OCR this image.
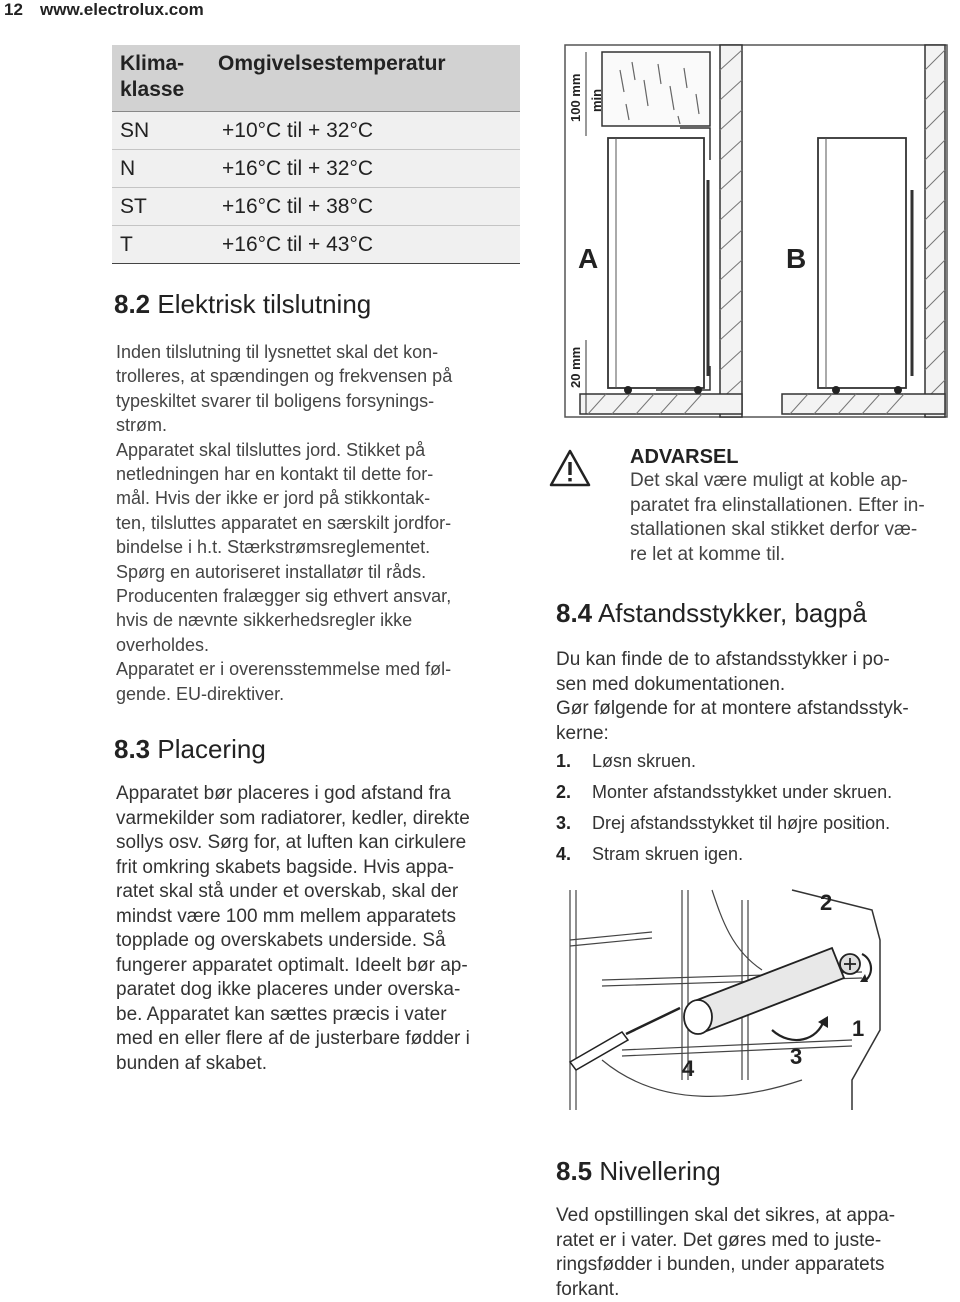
12 www.electrolux.com
Klima-
klasse	Omgivelsestemperatur
SN	+10°C til + 32°C
N	+16°C til + 32°C
ST	+16°C til + 38°C
T	+16°C til + 43°C
8.2 Elektrisk tilslutning

Inden tilslutning til lysnettet skal det kon-

trolleres, at spændingen og frekvensen på

typeskiltet svarer til boligens forsynings-

strøm.

Apparatet skal tilsluttes jord. Stikket på

netledningen har en kontakt til dette for-

mål. Hvis der ikke er jord på stikkontak-

ten, tilsluttes apparatet en særskilt jordfor-

bindelse i h.t. Stærkstrømsreglementet.

Spørg en autoriseret installatør til råds.

Producenten fralægger sig ethvert ansvar,

hvis de nævnte sikkerhedsregler ikke

overholdes.

Apparatet er i overensstemmelse med føl-

gende. EU-direktiver.

8.3 Placering

Apparatet bør placeres i god afstand fra

varmekilder som radiatorer, kedler, direkte

sollys osv. Sørg for, at luften kan cirkulere

frit omkring skabets bagside. Hvis appa-

ratet skal stå under et overskab, skal der

mindst være 100 mm mellem apparatets

topplade og overskabets underside. Så

fungerer apparatet optimalt. Ideelt bør ap-

paratet dog ikke placeres under overska-

be. Apparatet kan sættes præcis i vater

med en eller flere af de justerbare fødder i

bunden af skabet.

100 mm min
20 mm
A	B
ADVARSEL

Det skal være muligt at koble ap-

paratet fra elinstallationen. Efter in-

stallationen skal stikket derfor væ-

re let at komme til.

8.4 Afstandsstykker, bagpå

Du kan finde de to afstandsstykker i po-

sen med dokumentationen.

Gør følgende for at montere afstandsstyk-

kerne:

1. Løsn skruen.
2. Monter afstandsstykket under skruen.
3. Drej afstandsstykket til højre position.
4. Stram skruen igen.
2
1
3
4
8.5 Nivellering

Ved opstillingen skal det sikres, at appa-

ratet er i vater. Det gøres med to juste-

ringsfødder i bunden, under apparatets

forkant.
